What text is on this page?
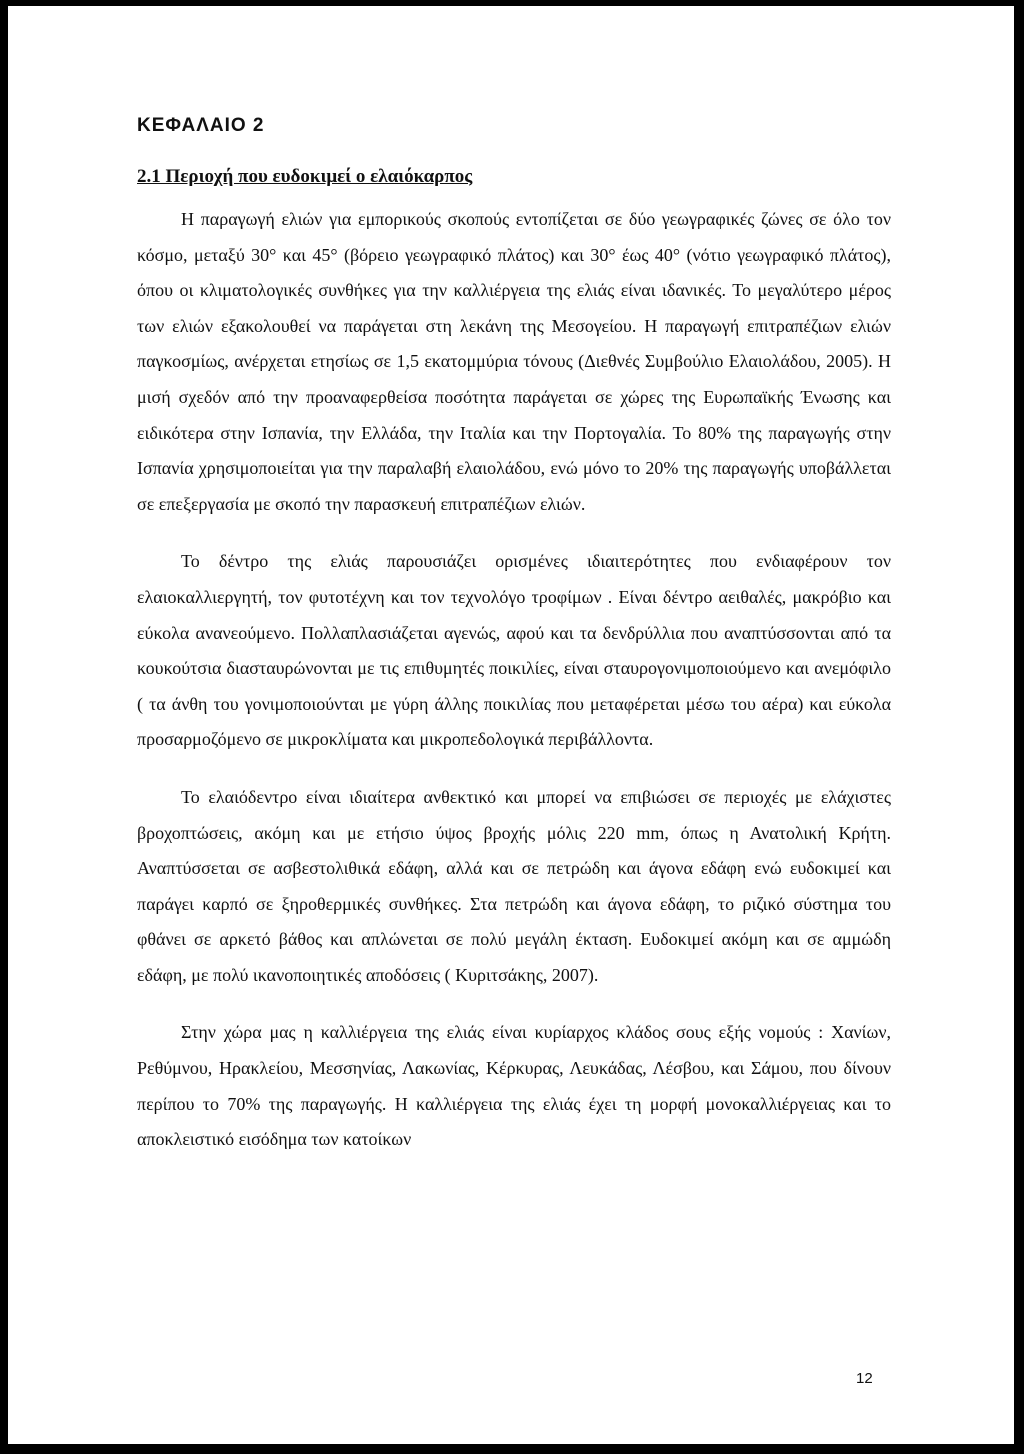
ΚΕΦΑΛΑΙΟ 2
2.1 Περιοχή που ευδοκιμεί ο ελαιόκαρπος

Η παραγωγή ελιών για εμπορικούς σκοπούς εντοπίζεται σε δύο γεωγραφικές ζώνες σε όλο τον κόσμο, μεταξύ 30° και 45° (βόρειο γεωγραφικό πλάτος) και 30° έως 40° (νότιο γεωγραφικό πλάτος), όπου οι κλιματολογικές συνθήκες για την καλλιέργεια της ελιάς είναι ιδανικές. Το μεγαλύτερο μέρος των ελιών εξακολουθεί να παράγεται στη λεκάνη της Μεσογείου. Η παραγωγή επιτραπέζιων ελιών παγκοσμίως, ανέρχεται ετησίως σε 1,5 εκατομμύρια τόνους (Διεθνές Συμβούλιο Ελαιολάδου, 2005). Η μισή σχεδόν από την προαναφερθείσα ποσότητα παράγεται σε χώρες της Ευρωπαϊκής Ένωσης και ειδικότερα στην Ισπανία, την Ελλάδα, την Ιταλία και την Πορτογαλία. Το 80% της παραγωγής στην Ισπανία χρησιμοποιείται για την παραλαβή ελαιολάδου, ενώ μόνο το 20% της παραγωγής υποβάλλεται σε επεξεργασία με σκοπό την παρασκευή επιτραπέζιων ελιών.

Το δέντρο της ελιάς παρουσιάζει ορισμένες ιδιαιτερότητες που ενδιαφέρουν τον ελαιοκαλλιεργητή, τον φυτοτέχνη και τον τεχνολόγο τροφίμων . Είναι δέντρο αειθαλές, μακρόβιο και εύκολα ανανεούμενο. Πολλαπλασιάζεται αγενώς, αφού και τα δενδρύλλια που αναπτύσσονται από τα κουκούτσια διασταυρώνονται με τις επιθυμητές ποικιλίες, είναι σταυρογονιμοποιούμενο και ανεμόφιλο ( τα άνθη του γονιμοποιούνται με γύρη άλλης ποικιλίας που μεταφέρεται μέσω του αέρα) και εύκολα προσαρμοζόμενο σε μικροκλίματα και μικροπεδολογικά περιβάλλοντα.

Το ελαιόδεντρο είναι ιδιαίτερα ανθεκτικό και μπορεί να επιβιώσει σε περιοχές με ελάχιστες βροχοπτώσεις, ακόμη και με ετήσιο ύψος βροχής μόλις 220 mm, όπως η Ανατολική Κρήτη. Αναπτύσσεται σε ασβεστολιθικά εδάφη, αλλά και σε πετρώδη και άγονα εδάφη ενώ ευδοκιμεί και παράγει καρπό σε ξηροθερμικές συνθήκες. Στα πετρώδη και άγονα εδάφη, το ριζικό σύστημα του φθάνει σε αρκετό βάθος και απλώνεται σε πολύ μεγάλη έκταση. Ευδοκιμεί ακόμη και σε αμμώδη εδάφη, με πολύ ικανοποιητικές αποδόσεις ( Κυριτσάκης, 2007).

Στην χώρα μας η καλλιέργεια της ελιάς είναι κυρίαρχος κλάδος σους εξής νομούς : Χανίων, Ρεθύμνου, Ηρακλείου, Μεσσηνίας, Λακωνίας, Κέρκυρας, Λευκάδας, Λέσβου, και Σάμου, που δίνουν περίπου το 70% της παραγωγής. Η καλλιέργεια της ελιάς έχει τη μορφή μονοκαλλιέργειας και το αποκλειστικό εισόδημα των κατοίκων

12
